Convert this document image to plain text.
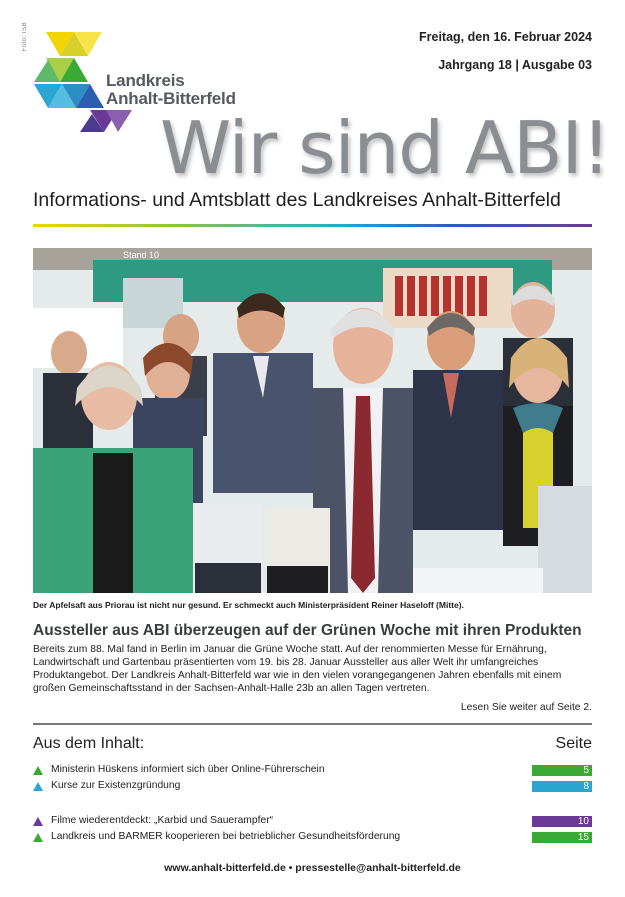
Foto: ISB
Landkreis
Anhalt-Bitterfeld
Freitag, den 16. Februar 2024
Jahrgang 18 | Ausgabe 03
Wir sind ABI!
Informations- und Amtsblatt des Landkreises Anhalt-Bitterfeld
Stand 10
Der Apfelsaft aus Priorau ist nicht nur gesund. Er schmeckt auch Ministerpräsident Reiner Haseloff (Mitte).
Aussteller aus ABI überzeugen auf der Grünen Woche mit ihren Produkten
Bereits zum 88. Mal fand in Berlin im Januar die Grüne Woche statt. Auf der renommierten Messe für Ernährung, Landwirtschaft und Gartenbau präsentierten vom 19. bis 28. Januar Aussteller aus aller Welt ihr umfangreiches Produktangebot. Der Landkreis Anhalt-Bitterfeld war wie in den vielen vorangegangenen Jahren ebenfalls mit einem großen Gemeinschaftsstand in der Sachsen-Anhalt-Halle 23b an allen Tagen vertreten.
Lesen Sie weiter auf Seite 2.
Aus dem Inhalt:	Seite
Ministerin Hüskens informiert sich über Online-Führerschein	5
Kurse zur Existenzgründung	8
Filme wiederentdeckt: „Karbid und Sauerampfer“	10
Landkreis und BARMER kooperieren bei betrieblicher Gesundheitsförderung	15
www.anhalt-bitterfeld.de • pressestelle@anhalt-bitterfeld.de
